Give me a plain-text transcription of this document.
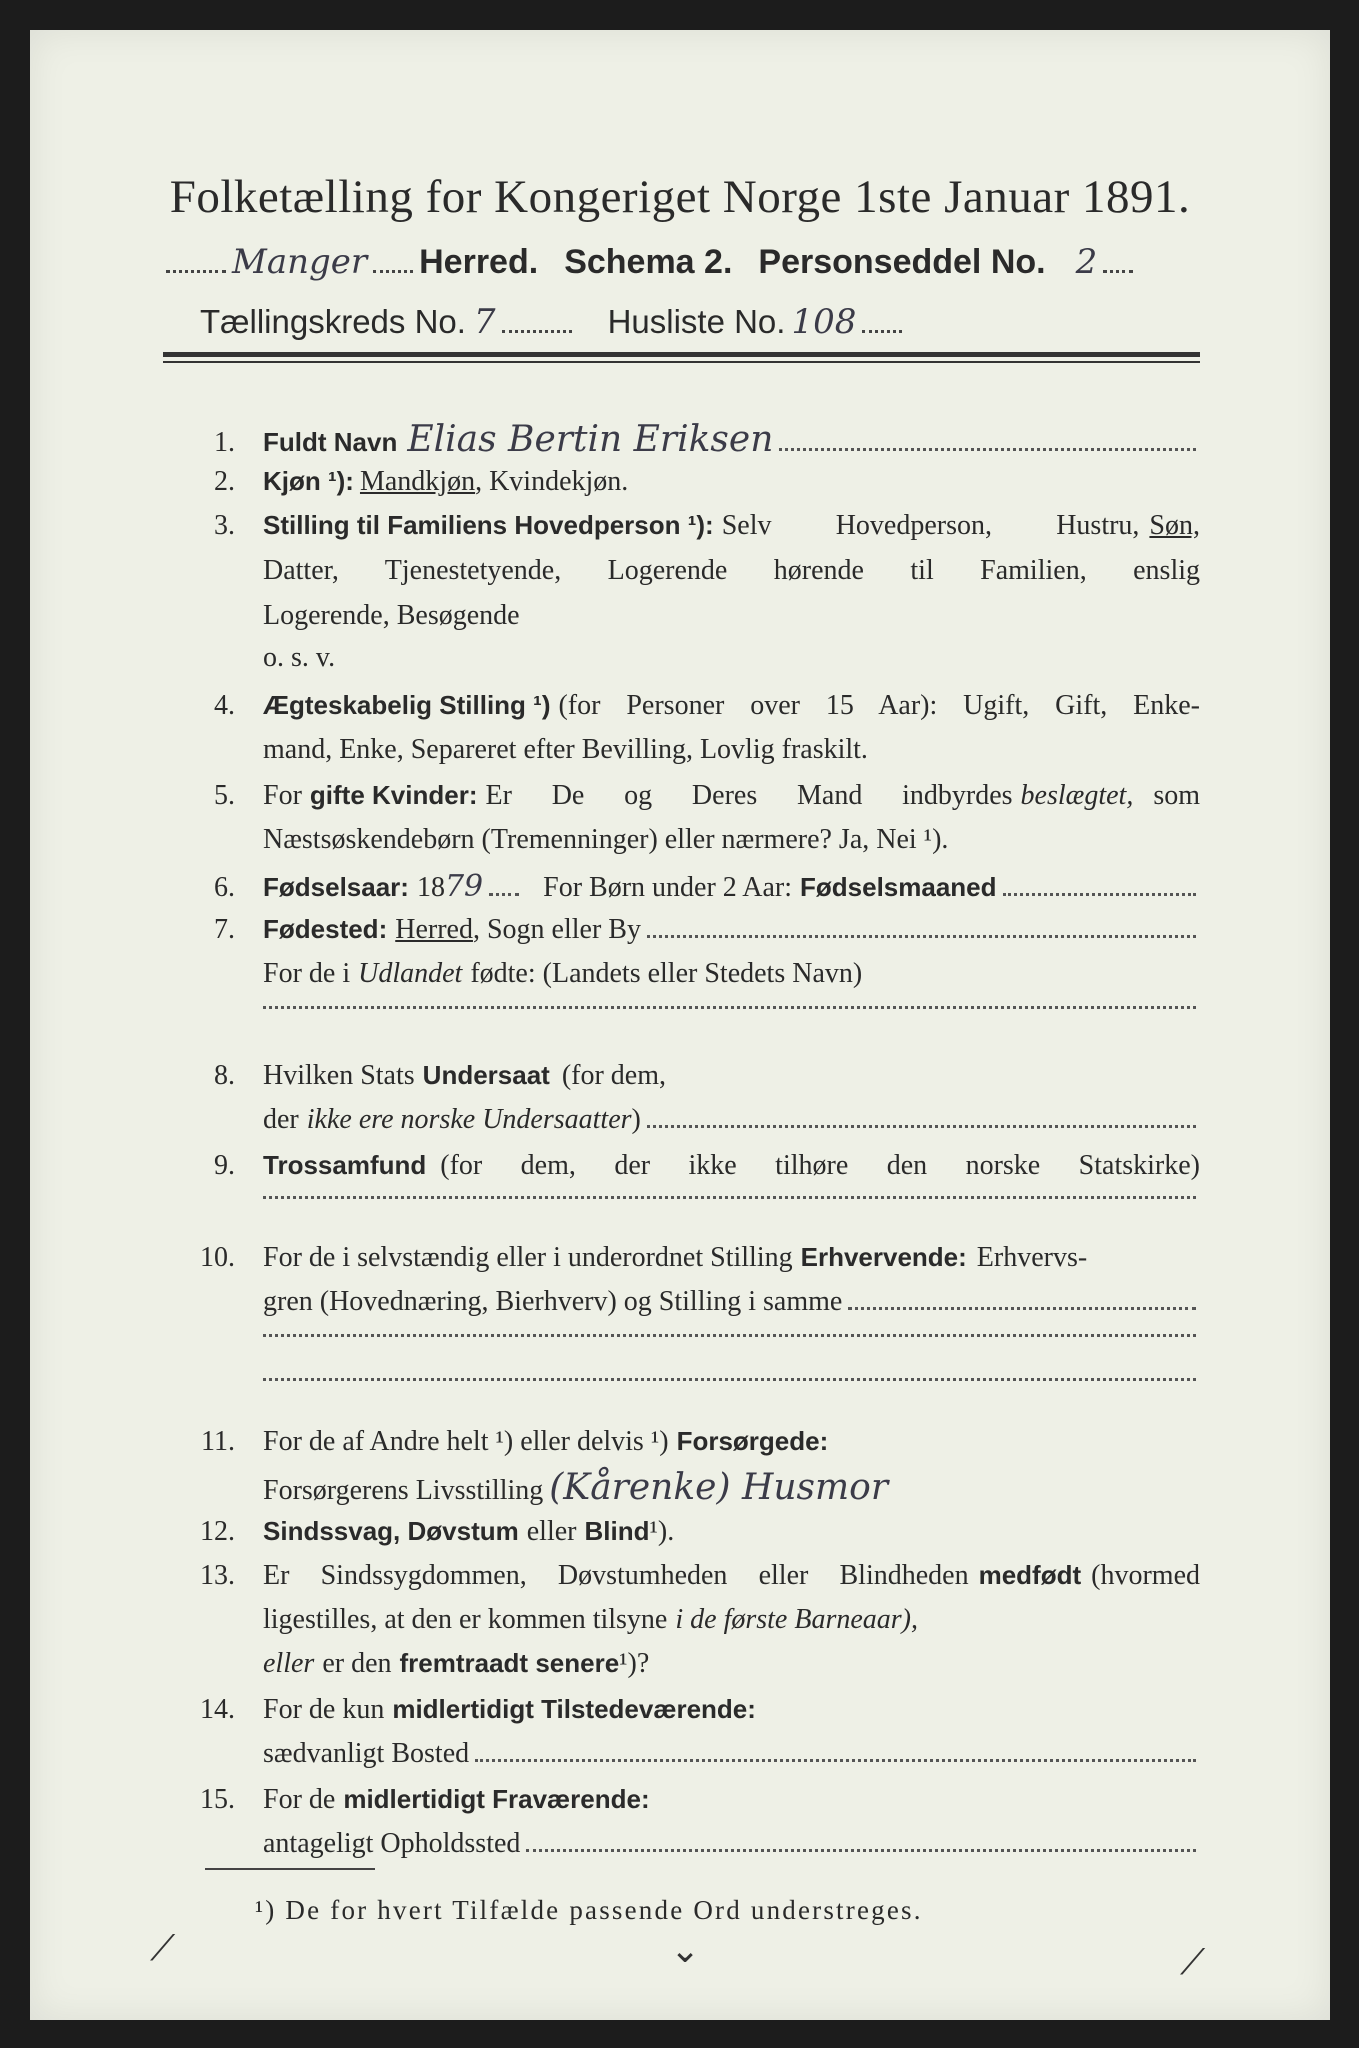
Folketælling for Kongeriget Norge 1ste Januar 1891.
Manger Herred. Schema 2. Personseddel No. 2
Tællingskreds No. 7	Husliste No. 108
1.	Fuldt Navn Elias Bertin Eriksen
2.	Kjøn ¹): Mandkjøn , Kvindekjøn.
3.	Stilling til Familiens Hovedperson ¹): Selv Hovedperson, Hustru, Søn,
Datter, Tjenestetyende, Logerende hørende til Familien, enslig
Logerende, Besøgende
o. s. v.
4.	Ægteskabelig Stilling ¹) (for Personer over 15 Aar): Ugift, Gift, Enke-
mand, Enke, Separeret efter Bevilling, Lovlig fraskilt.
5.	For gifte Kvinder: Er De og Deres Mand indbyrdes beslægtet, som
Næstsøskendebørn (Tremenninger) eller nærmere? Ja, Nei ¹).
6.	Fødselsaar: 18 79 For Børn under 2 Aar: Fødselsmaaned
7.	Fødested: Herred , Sogn eller By
For de i Udlandet fødte: (Landets eller Stedets Navn)
8.	Hvilken Stats Undersaat (for dem,
der ikke ere norske Undersaatter )
9.	Trossamfund (for dem, der ikke tilhøre den norske Statskirke)
10.	For de i selvstændig eller i underordnet Stilling Erhvervende: Erhvervs-
gren (Hovednæring, Bierhverv) og Stilling i samme
11.	For de af Andre helt ¹) eller delvis ¹) Forsørgede:
Forsørgerens Livsstilling (Kårenke) Husmor
12.	Sindssvag, Døvstum eller Blind ¹).
13.	Er Sindssygdommen, Døvstumheden eller Blindheden medfødt (hvormed
ligestilles, at den er kommen tilsyne i de første Barneaar),
eller er den fremtraadt senere ¹)?
14.	For de kun midlertidigt Tilstedeværende:
sædvanligt Bosted
15.	For de midlertidigt Fraværende:
antageligt Opholdssted
¹) De for hvert Tilfælde passende Ord understreges.
⟋	⌄	⟋
